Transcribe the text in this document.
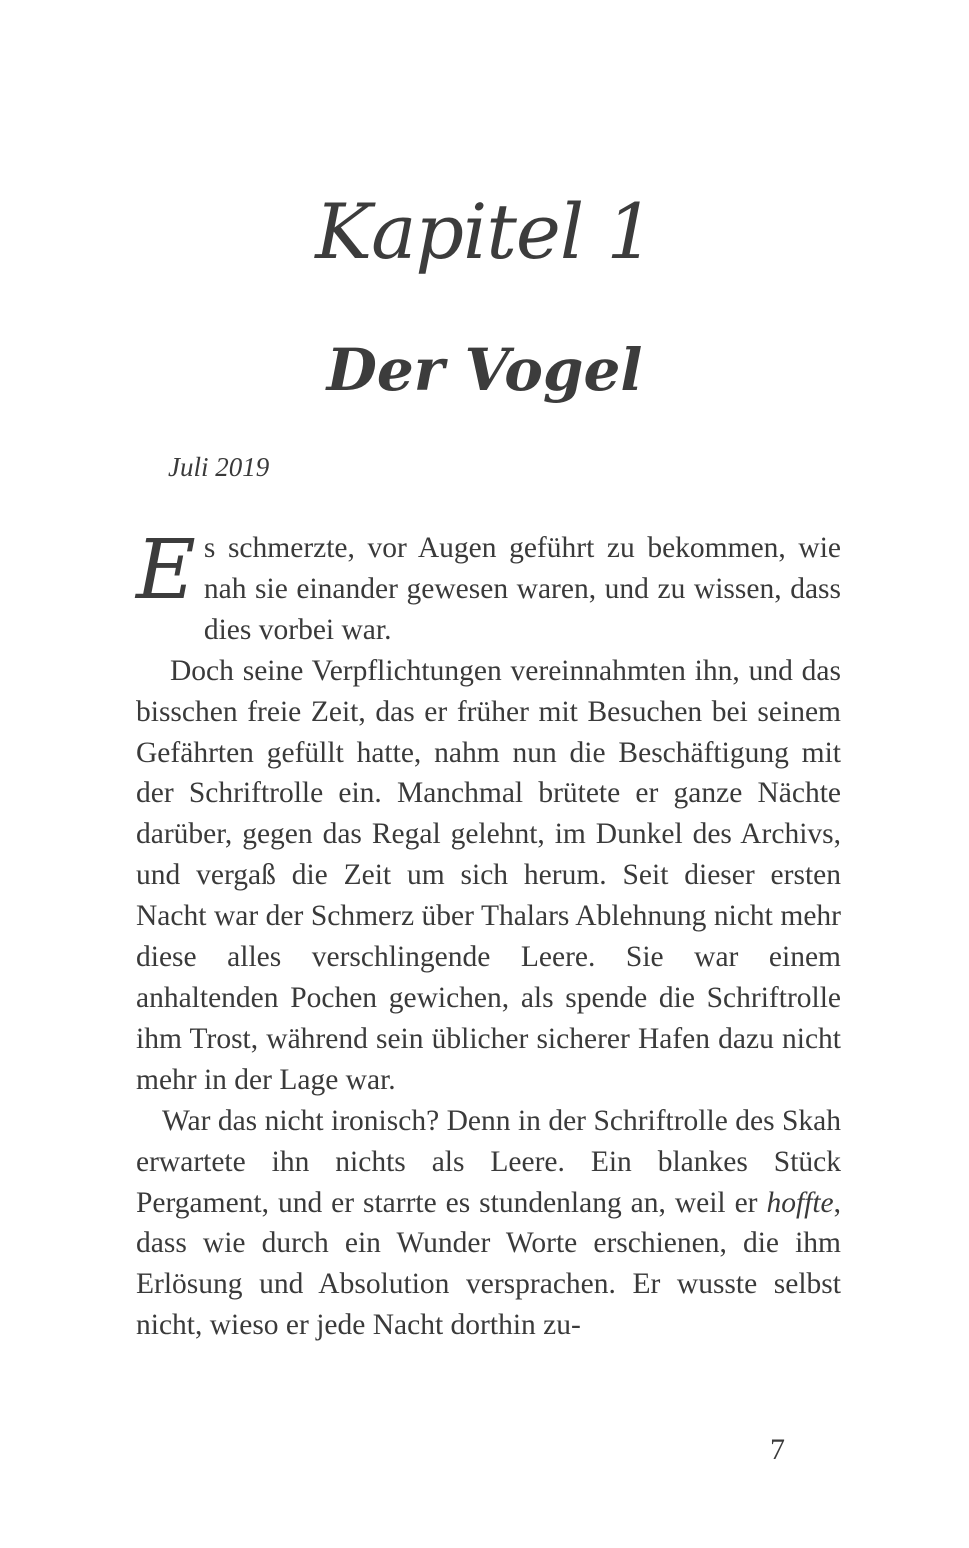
Kapitel 1
Der Vogel

Juli 2019

Es schmerzte, vor Augen geführt zu bekommen, wie nah sie einander gewesen waren, und zu wissen, dass dies vorbei war.

Doch seine Verpflichtungen vereinnahmten ihn, und das bisschen freie Zeit, das er früher mit Besuchen bei seinem Gefährten gefüllt hatte, nahm nun die Beschäftigung mit der Schriftrolle ein. Manchmal brütete er ganze Nächte darüber, gegen das Regal gelehnt, im Dunkel des Archivs, und vergaß die Zeit um sich herum. Seit dieser ersten Nacht war der Schmerz über Thalars Ablehnung nicht mehr diese alles verschlingende Leere. Sie war einem anhaltenden Pochen gewichen, als spende die Schriftrolle ihm Trost, während sein üblicher sicherer Hafen dazu nicht mehr in der Lage war.

War das nicht ironisch? Denn in der Schriftrolle des Skah erwartete ihn nichts als Leere. Ein blankes Stück Pergament, und er starrte es stundenlang an, weil er hoffte, dass wie durch ein Wunder Worte erschienen, die ihm Erlösung und Absolution versprachen. Er wusste selbst nicht, wieso er jede Nacht dorthin zu-

7
